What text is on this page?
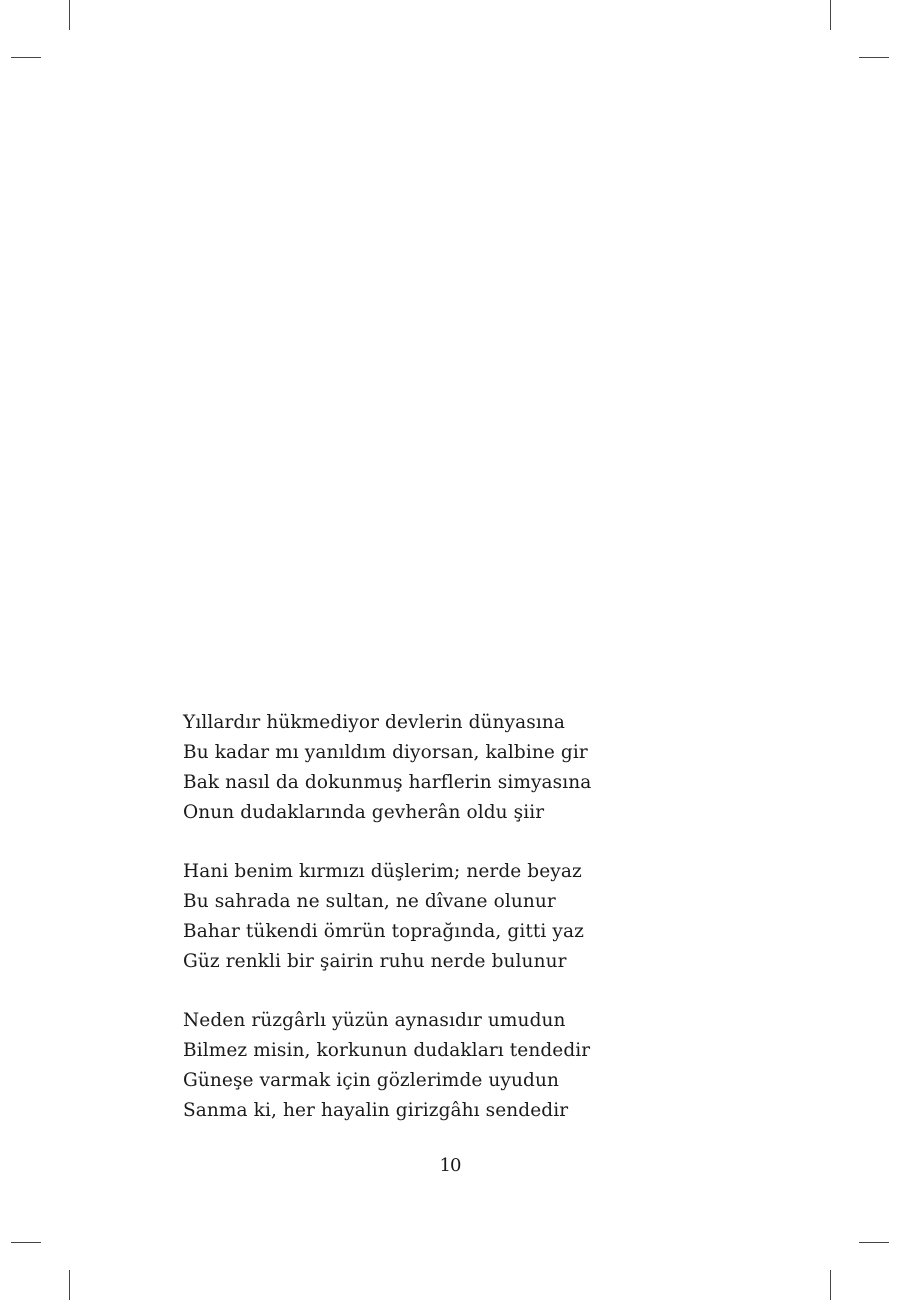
Yıllardır hükmediyor devlerin dünyasına
Bu kadar mı yanıldım diyorsan, kalbine gir
Bak nasıl da dokunmuş harflerin simyasına
Onun dudaklarında gevherân oldu şiir
Hani benim kırmızı düşlerim; nerde beyaz
Bu sahrada ne sultan, ne dîvane olunur
Bahar tükendi ömrün toprağında, gitti yaz
Güz renkli bir şairin ruhu nerde bulunur
Neden rüzgârlı yüzün aynasıdır umudun
Bilmez misin, korkunun dudakları tendedir
Güneşe varmak için gözlerimde uyudun
Sanma ki, her hayalin girizgâhı sendedir
10
